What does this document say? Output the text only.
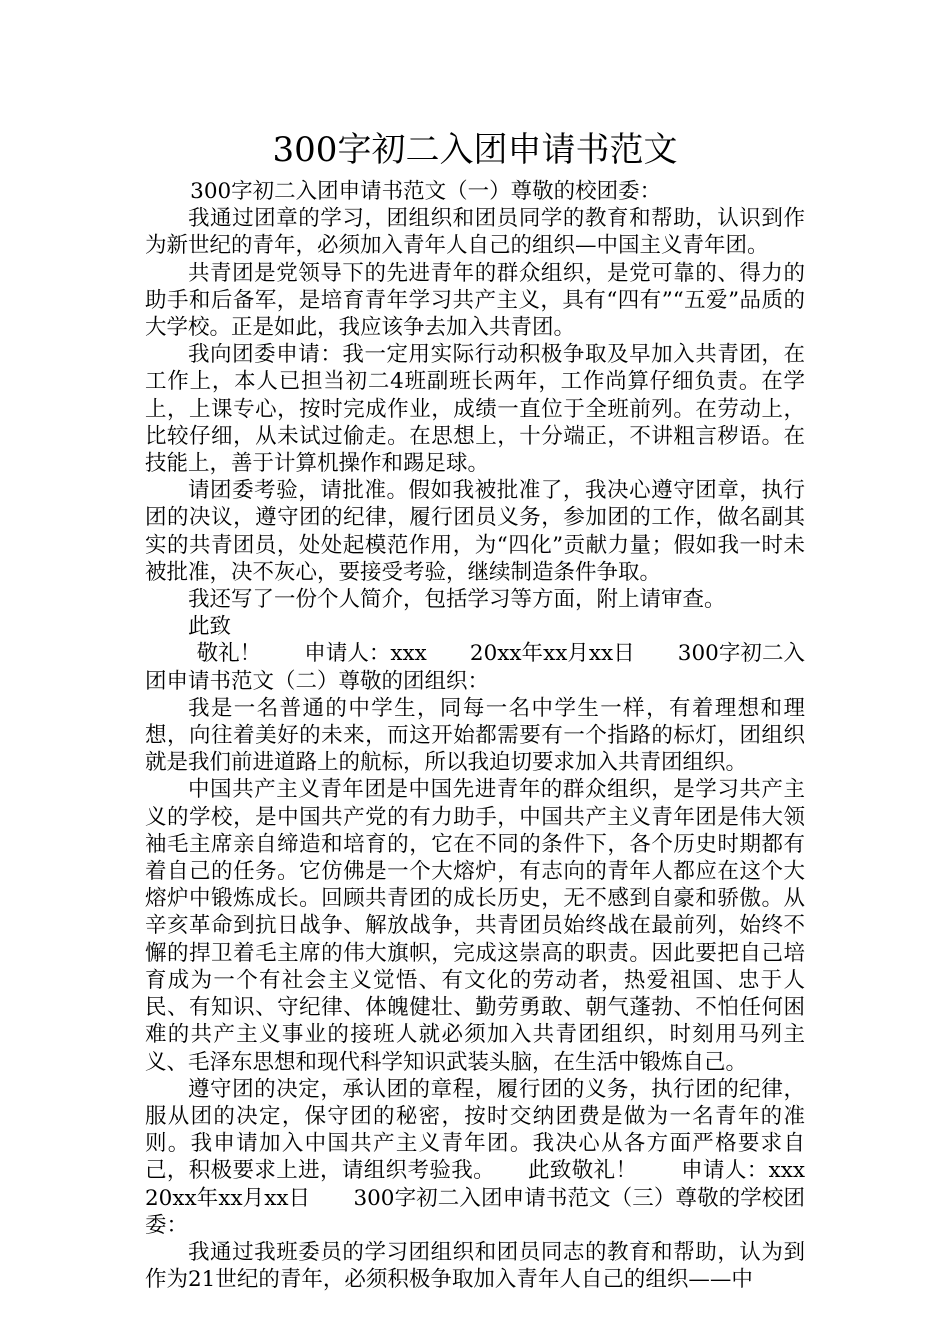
300字初二入团申请书范文

300字初二入团申请书范文（一）尊敬的校团委：

我通过团章的学习，团组织和团员同学的教育和帮助，认识到作为新世纪的青年，必须加入青年人自己的组织—中国主义青年团。

共青团是党领导下的先进青年的群众组织，是党可靠的、得力的助手和后备军，是培育青年学习共产主义，具有“四有”“五爱”品质的大学校。正是如此，我应该争去加入共青团。

我向团委申请：我一定用实际行动积极争取及早加入共青团，在工作上，本人已担当初二4班副班长两年，工作尚算仔细负责。在学上，上课专心，按时完成作业，成绩一直位于全班前列。在劳动上，比较仔细，从未试过偷走。在思想上，十分端正，不讲粗言秽语。在技能上，善于计算机操作和踢足球。

请团委考验，请批准。假如我被批准了，我决心遵守团章，执行团的决议，遵守团的纪律，履行团员义务，参加团的工作，做名副其实的共青团员，处处起模范作用，为“四化”贡献力量；假如我一时未被批准，决不灰心，要接受考验，继续制造条件争取。

我还写了一份个人简介，包括学习等方面，附上请审查。

此致

敬礼！　　申请人：xxx　　20xx年xx月xx日　　300字初二入团申请书范文（二）尊敬的团组织：

我是一名普通的中学生，同每一名中学生一样，有着理想和理想，向往着美好的未来，而这开始都需要有一个指路的标灯，团组织就是我们前进道路上的航标，所以我迫切要求加入共青团组织。

中国共产主义青年团是中国先进青年的群众组织，是学习共产主义的学校，是中国共产党的有力助手，中国共产主义青年团是伟大领袖毛主席亲自缔造和培育的，它在不同的条件下，各个历史时期都有着自己的任务。它仿佛是一个大熔炉，有志向的青年人都应在这个大熔炉中锻炼成长。回顾共青团的成长历史，无不感到自豪和骄傲。从辛亥革命到抗日战争、解放战争，共青团员始终战在最前列，始终不懈的捍卫着毛主席的伟大旗帜，完成这崇高的职责。因此要把自己培育成为一个有社会主义觉悟、有文化的劳动者，热爱祖国、忠于人民、有知识、守纪律、体魄健壮、勤劳勇敢、朝气蓬勃、不怕任何困难的共产主义事业的接班人就必须加入共青团组织，时刻用马列主义、毛泽东思想和现代科学知识武装头脑，在生活中锻炼自己。

遵守团的决定，承认团的章程，履行团的义务，执行团的纪律，服从团的决定，保守团的秘密，按时交纳团费是做为一名青年的准则。我申请加入中国共产主义青年团。我决心从各方面严格要求自己，积极要求上进，请组织考验我。　　此致敬礼！　　申请人：xxx　　20xx年xx月xx日　　300字初二入团申请书范文（三）尊敬的学校团委：

我通过我班委员的学习团组织和团员同志的教育和帮助，认为到作为21世纪的青年，必须积极争取加入青年人自己的组织——中
